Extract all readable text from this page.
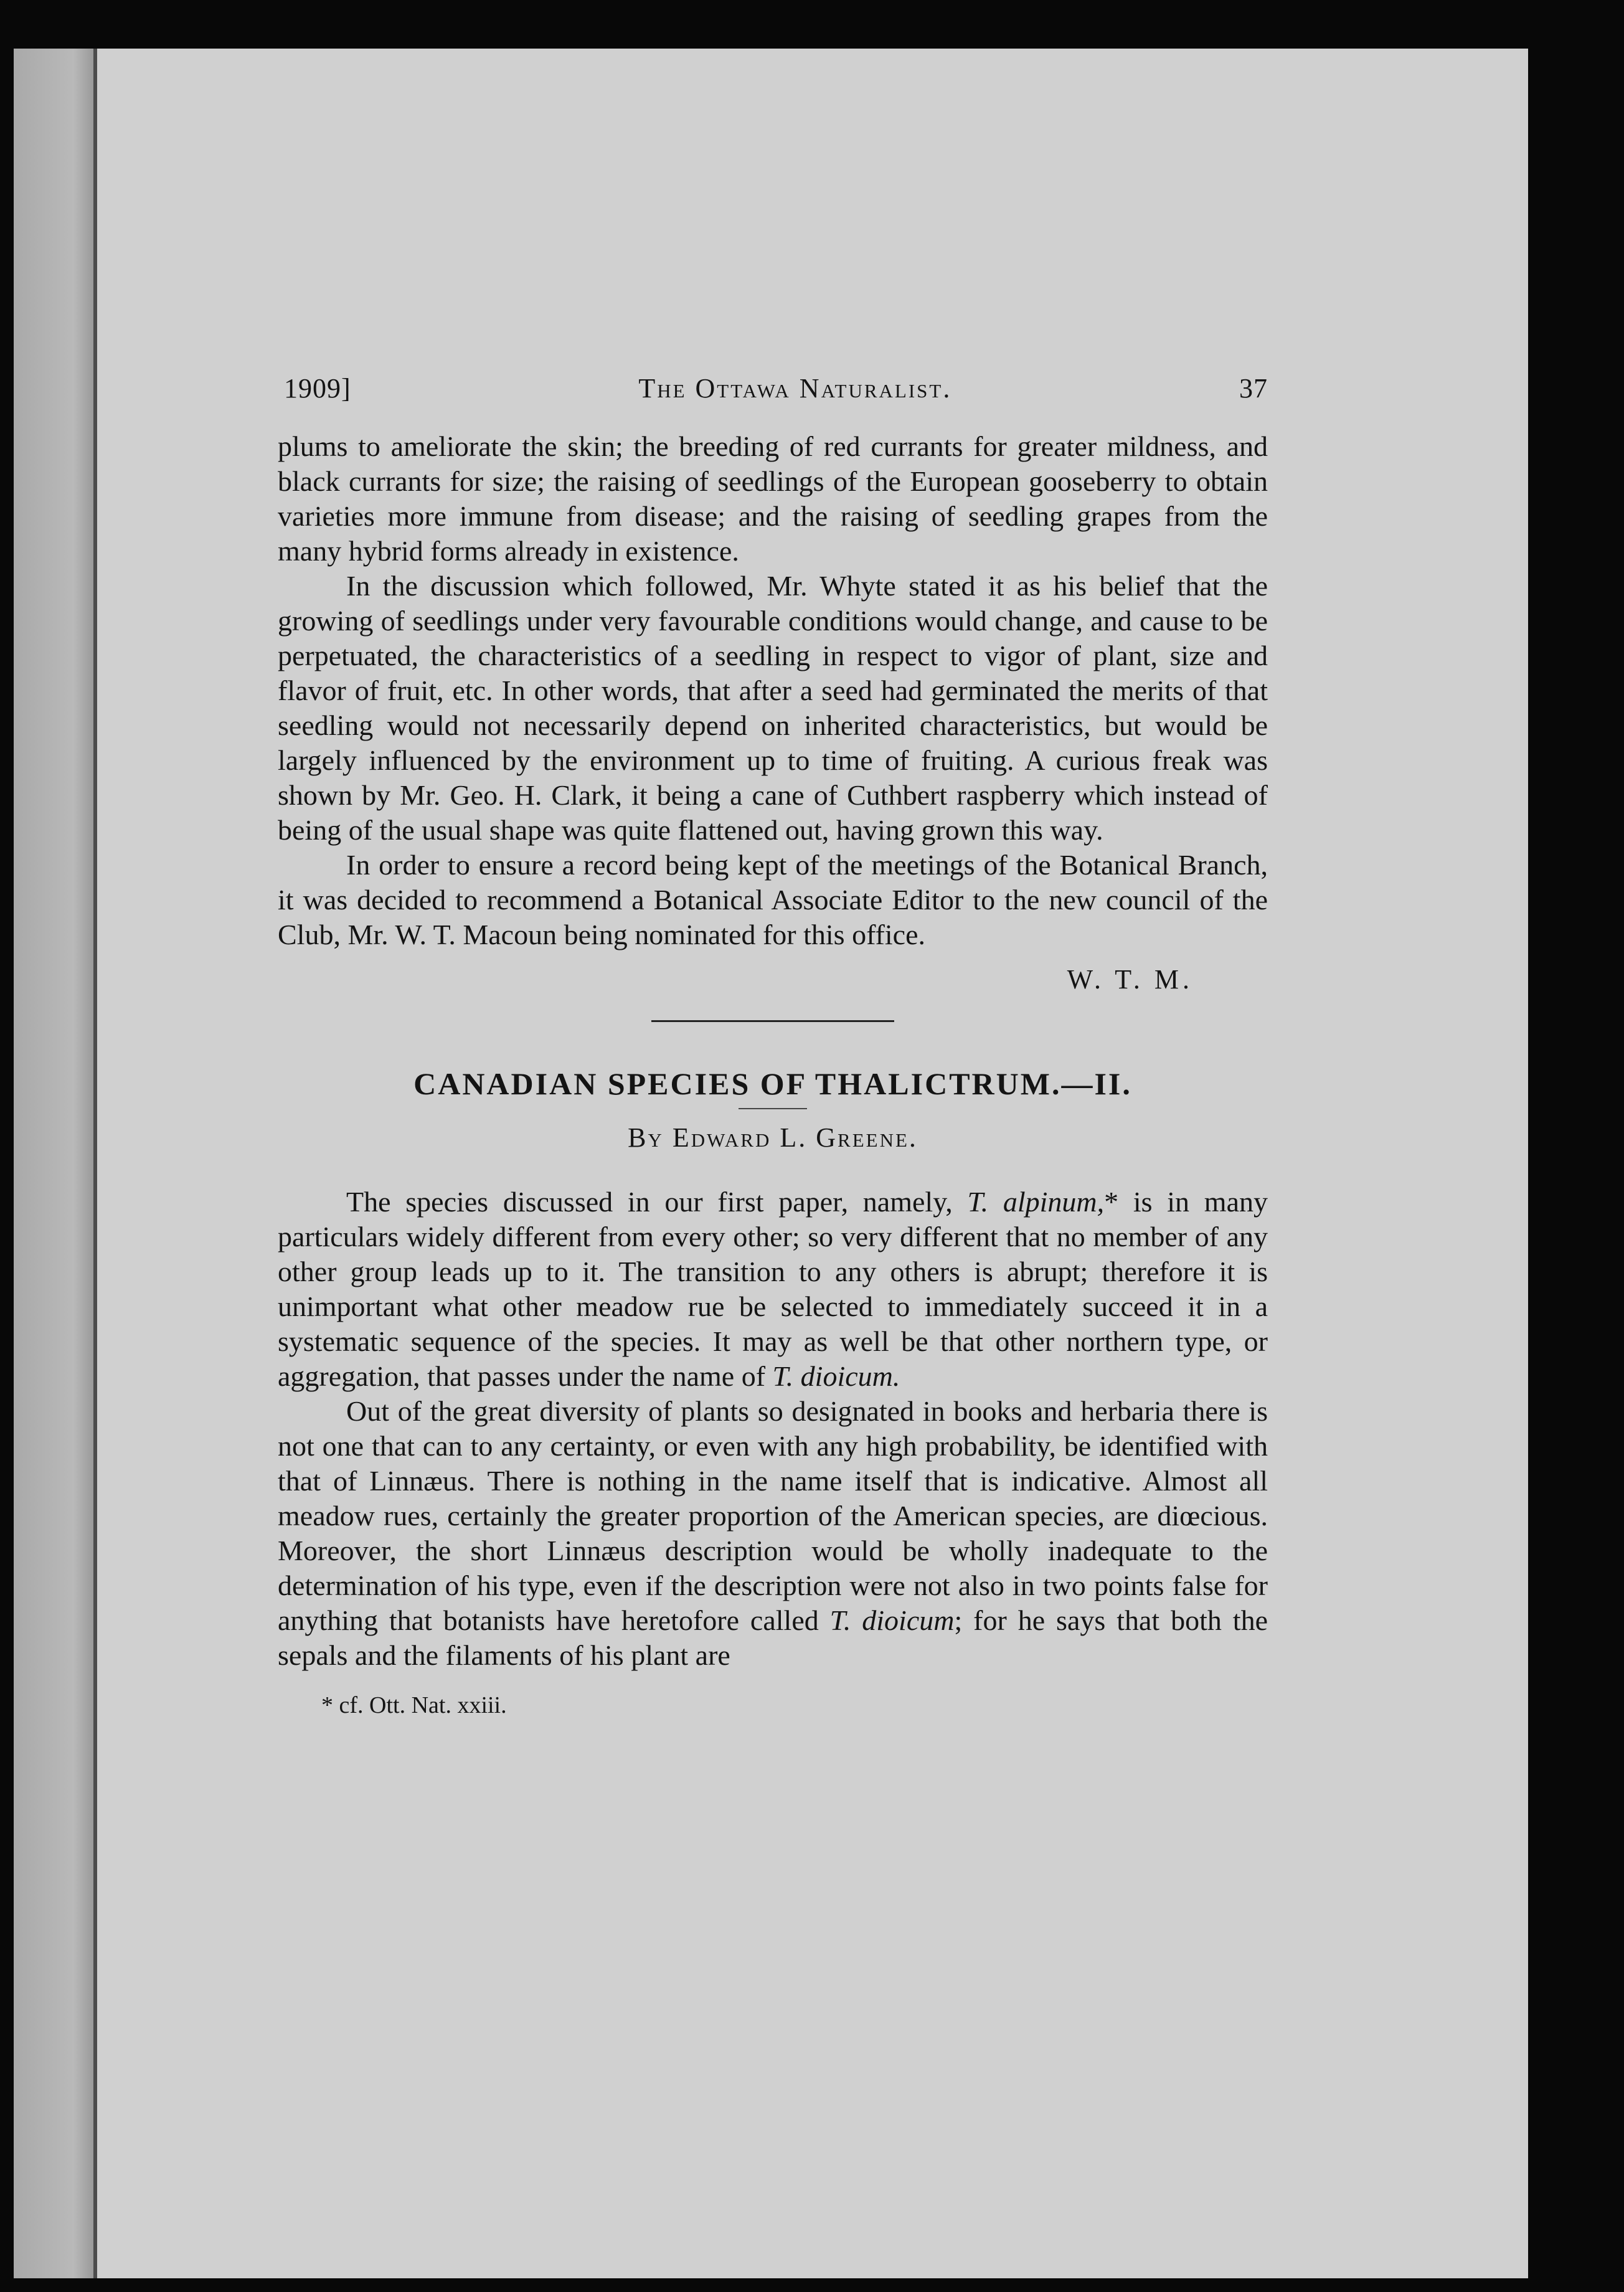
1909]	The Ottawa Naturalist.	37

plums to ameliorate the skin; the breeding of red currants for greater mildness, and black currants for size; the raising of seedlings of the European gooseberry to obtain varieties more immune from disease; and the raising of seedling grapes from the many hybrid forms already in existence.

In the discussion which followed, Mr. Whyte stated it as his belief that the growing of seedlings under very favourable conditions would change, and cause to be perpetuated, the characteristics of a seedling in respect to vigor of plant, size and flavor of fruit, etc. In other words, that after a seed had germinated the merits of that seedling would not necessarily depend on inherited characteristics, but would be largely influenced by the environment up to time of fruiting. A curious freak was shown by Mr. Geo. H. Clark, it being a cane of Cuthbert raspberry which instead of being of the usual shape was quite flattened out, having grown this way.

In order to ensure a record being kept of the meetings of the Botanical Branch, it was decided to recommend a Botanical Associate Editor to the new council of the Club, Mr. W. T. Macoun being nominated for this office.

W. T. M.
CANADIAN SPECIES OF THALICTRUM.—II.
By Edward L. Greene.

The species discussed in our first paper, namely, T. alpinum,* is in many particulars widely different from every other; so very different that no member of any other group leads up to it. The transition to any others is abrupt; therefore it is unimportant what other meadow rue be selected to immediately succeed it in a systematic sequence of the species. It may as well be that other northern type, or aggregation, that passes under the name of T. dioicum.

Out of the great diversity of plants so designated in books and herbaria there is not one that can to any certainty, or even with any high probability, be identified with that of Linnæus. There is nothing in the name itself that is indicative. Almost all meadow rues, certainly the greater proportion of the American species, are diœcious. Moreover, the short Linnæus description would be wholly inadequate to the determination of his type, even if the description were not also in two points false for anything that botanists have heretofore called T. dioicum; for he says that both the sepals and the filaments of his plant are

* cf. Ott. Nat. xxiii.
